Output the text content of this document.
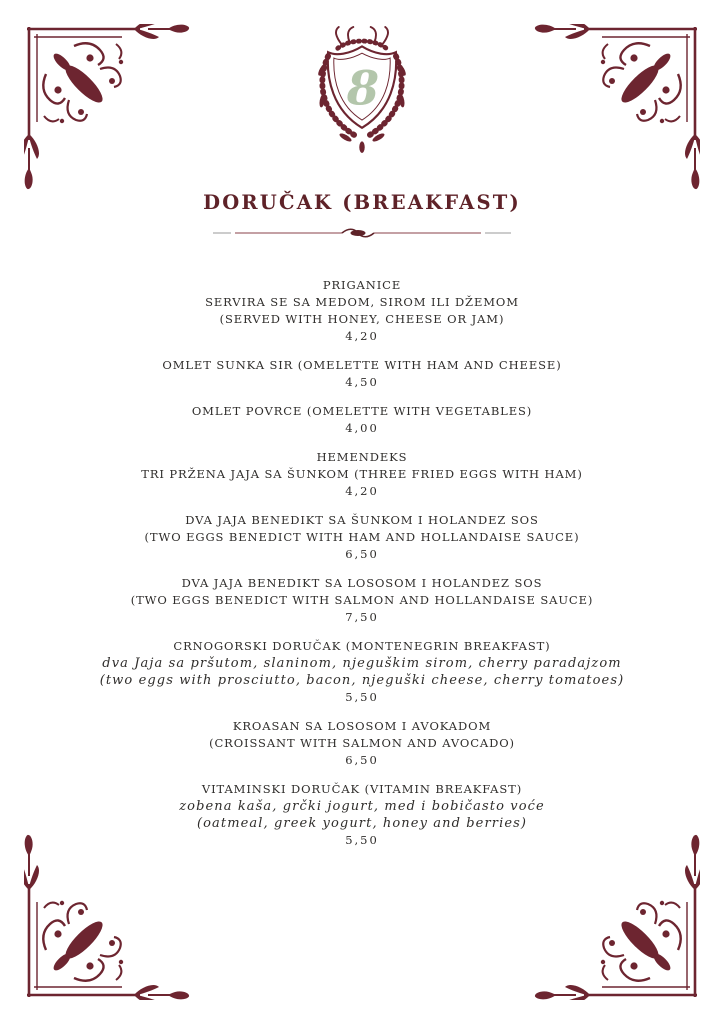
8
DORUČAK (BREAKFAST)
PRIGANICE
SERVIRA SE SA MEDOM, SIROM ILI DŽEMOM
(SERVED WITH HONEY, CHEESE OR JAM)
4,20
OMLET SUNKA SIR (OMELETTE WITH HAM AND CHEESE)
4,50
OMLET POVRCE (OMELETTE WITH VEGETABLES)
4,00
HEMENDEKS
TRI PRŽENA JAJA SA ŠUNKOM (THREE FRIED EGGS WITH HAM)
4,20
DVA JAJA BENEDIKT SA ŠUNKOM I HOLANDEZ SOS
(TWO EGGS BENEDICT WITH HAM AND HOLLANDAISE SAUCE)
6,50
DVA JAJA BENEDIKT SA LOSOSOM I HOLANDEZ SOS
(TWO EGGS BENEDICT WITH SALMON AND HOLLANDAISE SAUCE)
7,50
CRNOGORSKI DORUČAK (MONTENEGRIN BREAKFAST)
dva Jaja sa pršutom, slaninom, njeguškim sirom, cherry paradajzom
(two eggs with prosciutto, bacon, njeguški cheese, cherry tomatoes)
5,50
KROASAN SA LOSOSOM I AVOKADOM
(CROISSANT WITH SALMON AND AVOCADO)
6,50
VITAMINSKI DORUČAK (VITAMIN BREAKFAST)
zobena kaša, grčki jogurt, med i bobičasto voće
(oatmeal, greek yogurt, honey and berries)
5,50
